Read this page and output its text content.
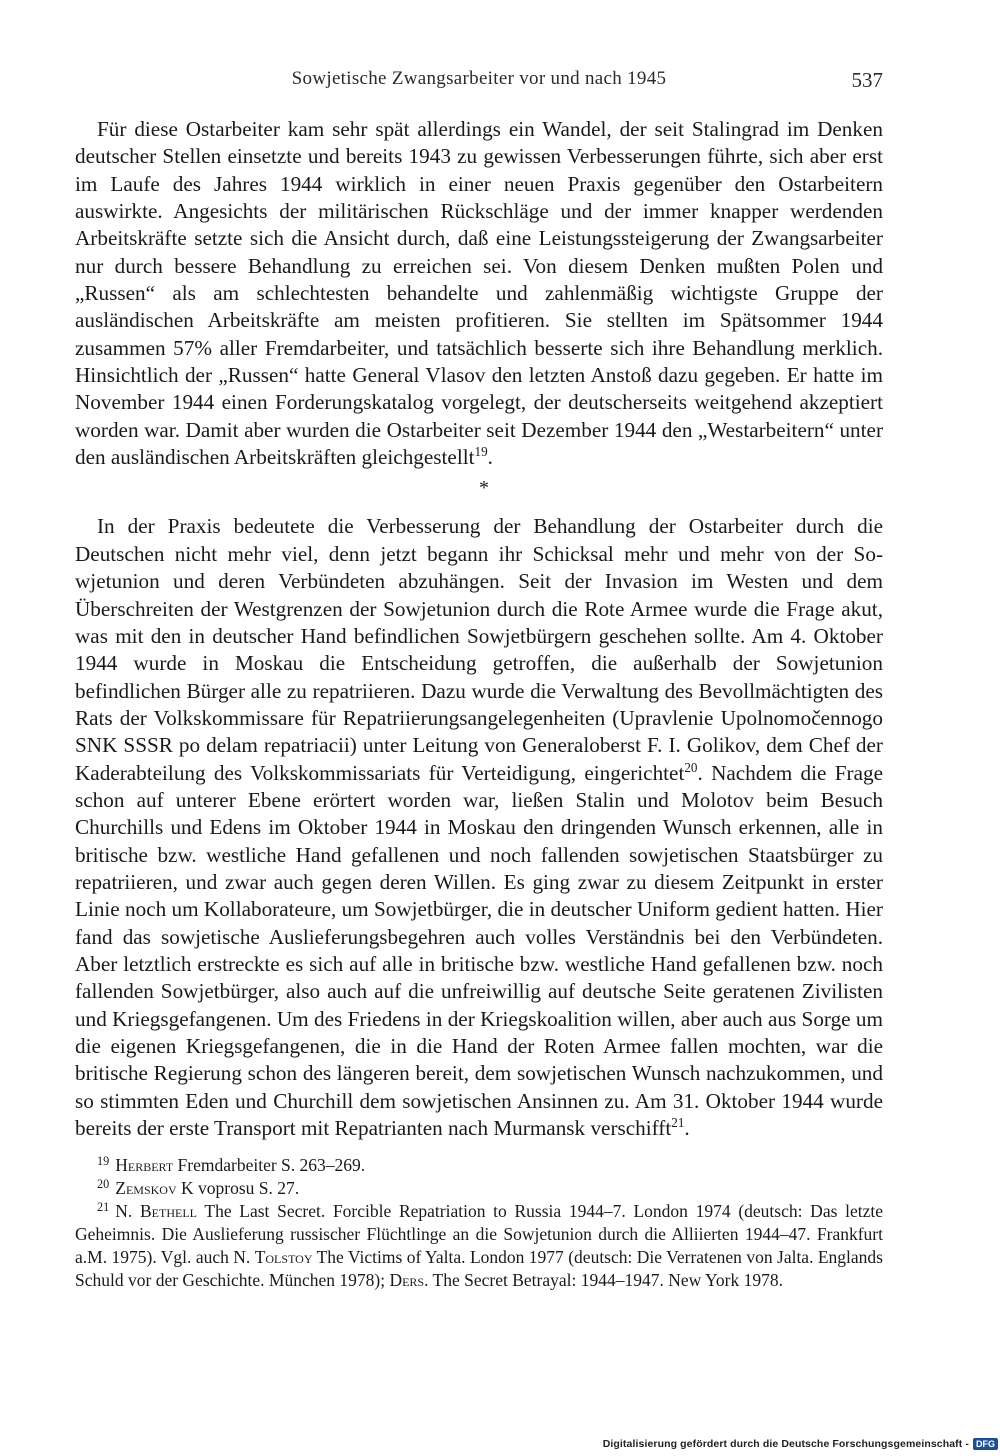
Sowjetische Zwangsarbeiter vor und nach 1945	537

Für diese Ostarbeiter kam sehr spät allerdings ein Wandel, der seit Stalingrad im Denken deutscher Stellen einsetzte und bereits 1943 zu gewissen Verbesserungen führte, sich aber erst im Laufe des Jahres 1944 wirklich in einer neuen Praxis gegenüber den Ostarbeitern auswirkte. Angesichts der militärischen Rückschläge und der immer knapper werdenden Arbeitskräfte setzte sich die Ansicht durch, daß eine Leistungssteigerung der Zwangsarbeiter nur durch bessere Behandlung zu erreichen sei. Von diesem Denken mußten Polen und „Russen“ als am schlechtesten behandelte und zahlenmäßig wichtigste Gruppe der ausländischen Arbeitskräfte am meisten profitieren. Sie stellten im Spätsommer 1944 zusammen 57% aller Fremdarbeiter, und tatsächlich besserte sich ihre Behandlung merklich. Hinsichtlich der „Russen“ hatte General Vlasov den letzten Anstoß dazu gegeben. Er hatte im November 1944 einen Forderungskatalog vorgelegt, der deutscherseits weitgehend akzeptiert worden war. Damit aber wurden die Ostarbeiter seit Dezember 1944 den „Westarbeitern“ unter den ausländischen Arbeitskräften gleichgestellt$^{19}$.

*

In der Praxis bedeutete die Verbesserung der Behandlung der Ostarbeiter durch die Deutschen nicht mehr viel, denn jetzt begann ihr Schicksal mehr und mehr von der Sowjetunion und deren Verbündeten abzuhängen. Seit der Invasion im Westen und dem Überschreiten der Westgrenzen der Sowjetunion durch die Rote Armee wurde die Frage akut, was mit den in deutscher Hand befindlichen Sowjetbürgern geschehen sollte. Am 4. Oktober 1944 wurde in Moskau die Entscheidung getroffen, die außerhalb der Sowjetunion befindlichen Bürger alle zu repatriieren. Dazu wurde die Verwaltung des Bevollmächtigten des Rats der Volkskommissare für Repatriierungsangelegenheiten (Upravlenie Upolnomočennogo SNK SSSR po delam repatriacii) unter Leitung von Generaloberst F. I. Golikov, dem Chef der Kaderabteilung des Volkskommissariats für Verteidigung, eingerichtet$^{20}$. Nachdem die Frage schon auf unterer Ebene erörtert worden war, ließen Stalin und Molotov beim Besuch Churchills und Edens im Oktober 1944 in Moskau den dringenden Wunsch erkennen, alle in britische bzw. westliche Hand gefallenen und noch fallenden sowjetischen Staatsbürger zu repatriieren, und zwar auch gegen deren Willen. Es ging zwar zu diesem Zeitpunkt in erster Linie noch um Kollaborateure, um Sowjetbürger, die in deutscher Uniform gedient hatten. Hier fand das sowjetische Auslieferungsbegehren auch volles Verständnis bei den Verbündeten. Aber letztlich erstreckte es sich auf alle in britische bzw. westliche Hand gefallenen bzw. noch fallenden Sowjetbürger, also auch auf die unfreiwillig auf deutsche Seite geratenen Zivilisten und Kriegsgefangenen. Um des Friedens in der Kriegskoalition willen, aber auch aus Sorge um die eigenen Kriegsgefangenen, die in die Hand der Roten Armee fallen mochten, war die britische Regierung schon des längeren bereit, dem sowjetischen Wunsch nachzukommen, und so stimmten Eden und Churchill dem sowjetischen Ansinnen zu. Am 31. Oktober 1944 wurde bereits der erste Transport mit Repatrianten nach Murmansk verschifft$^{21}$.

$^{19}$ Herbert Fremdarbeiter S. 263–269.

$^{20}$ Zemskov K voprosu S. 27.

$^{21}$ N. Bethell The Last Secret. Forcible Repatriation to Russia 1944–7. London 1974 (deutsch: Das letzte Geheimnis. Die Auslieferung russischer Flüchtlinge an die Sowjetunion durch die Alliierten 1944–47. Frankfurt a.M. 1975). Vgl. auch N. Tolstoy The Victims of Yalta. London 1977 (deutsch: Die Verratenen von Jalta. Englands Schuld vor der Geschichte. München 1978); Ders. The Secret Betrayal: 1944–1947. New York 1978.

Digitalisierung gefördert durch die Deutsche Forschungsgemeinschaft - DFG
